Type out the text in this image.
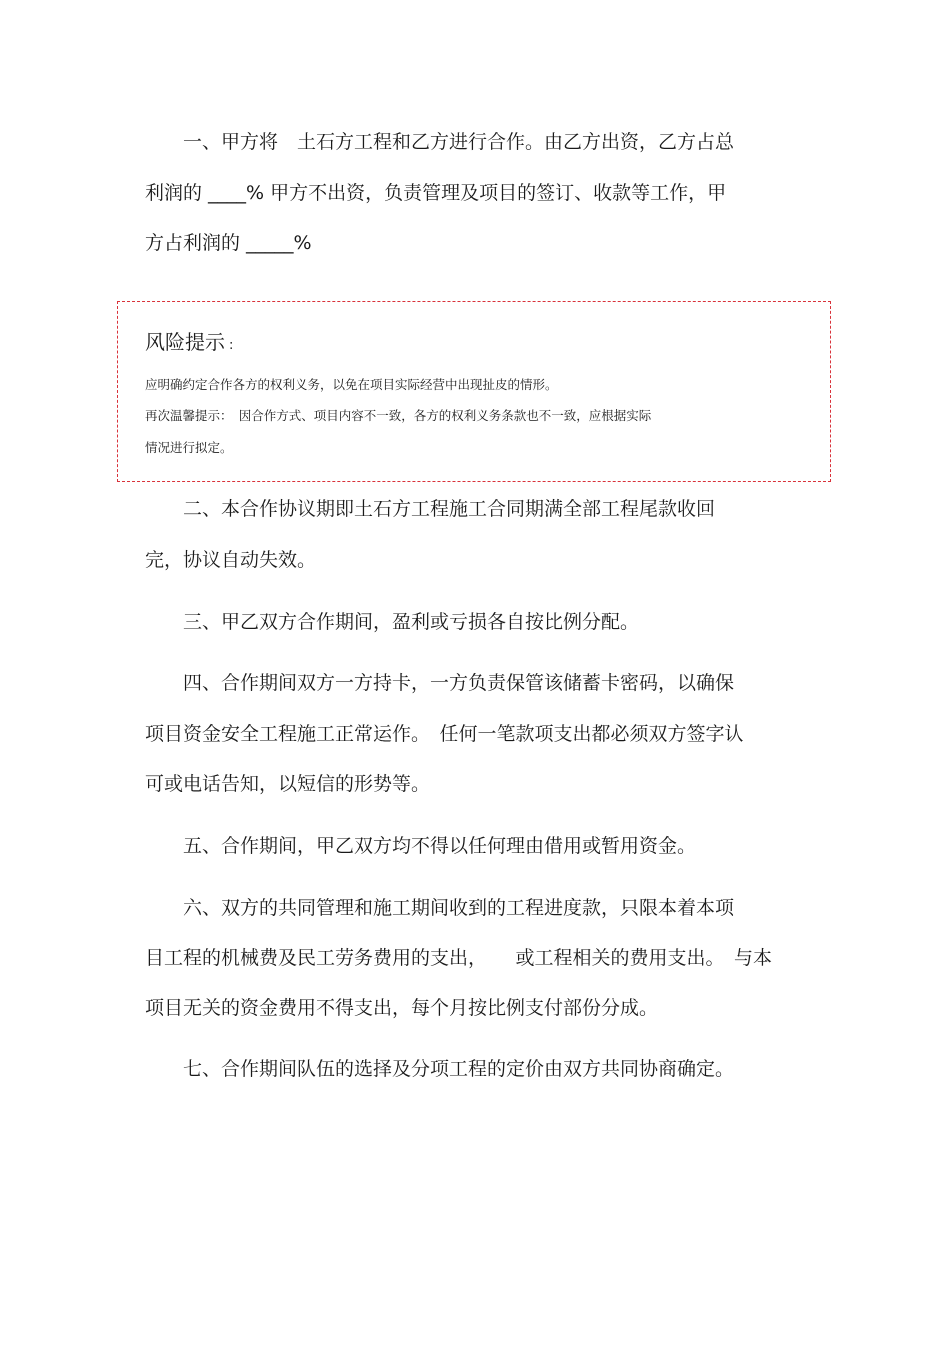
一、甲方将　土石方工程和乙方进行合作。由乙方出资，乙方占总

利润的 ____% 甲方不出资，负责管理及项目的签订、收款等工作，甲

方占利润的 _____%

风险提示 :
应明确约定合作各方的权利义务，以免在项目实际经营中出现扯皮的情形。
再次温馨提示：　因合作方式、项目内容不一致，各方的权利义务条款也不一致，应根据实际
情况进行拟定。

二、本合作协议期即土石方工程施工合同期满全部工程尾款收回

完，协议自动失效。

三、甲乙双方合作期间，盈利或亏损各自按比例分配。

四、合作期间双方一方持卡，一方负责保管该储蓄卡密码，以确保

项目资金安全工程施工正常运作。　任何一笔款项支出都必须双方签字认

可或电话告知，以短信的形势等。

五、合作期间，甲乙双方均不得以任何理由借用或暂用资金。

六、双方的共同管理和施工期间收到的工程进度款，只限本着本项

目工程的机械费及民工劳务费用的支出，　　或工程相关的费用支出。　与本

项目无关的资金费用不得支出，每个月按比例支付部份分成。

七、合作期间队伍的选择及分项工程的定价由双方共同协商确定。
